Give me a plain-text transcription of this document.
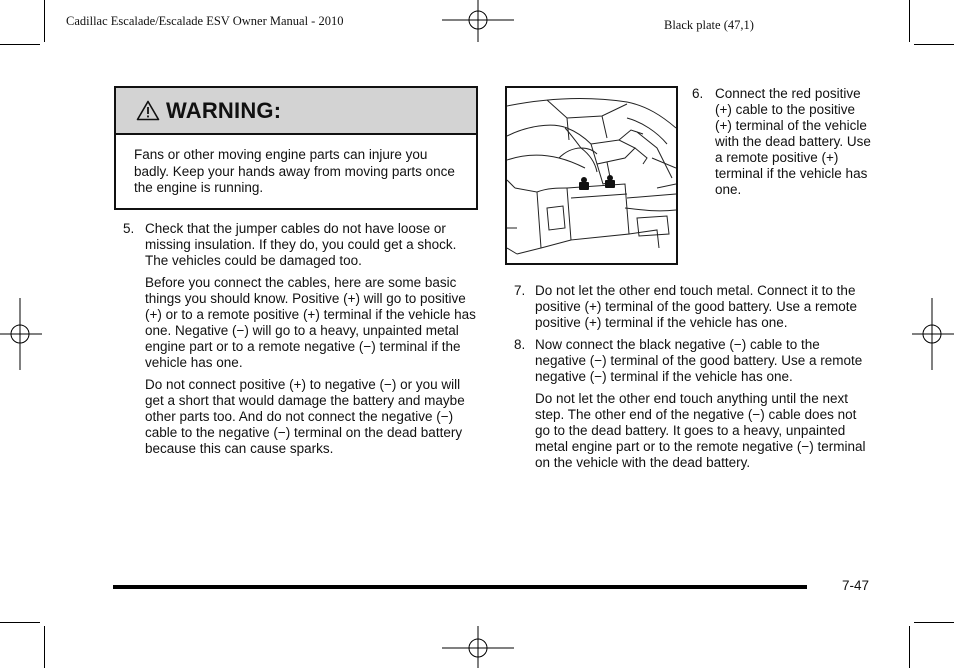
Cadillac Escalade/Escalade ESV Owner Manual - 2010	Black plate (47,1)
WARNING:
Fans or other moving engine parts can injure you badly. Keep your hands away from moving parts once the engine is running.
5. Check that the jumper cables do not have loose or missing insulation. If they do, you could get a shock. The vehicles could be damaged too.
Before you connect the cables, here are some basic things you should know. Positive (+) will go to positive (+) or to a remote positive (+) terminal if the vehicle has one. Negative (−) will go to a heavy, unpainted metal engine part or to a remote negative (−) terminal if the vehicle has one.
Do not connect positive (+) to negative (−) or you will get a short that would damage the battery and maybe other parts too. And do not connect the negative (−) cable to the negative (−) terminal on the dead battery because this can cause sparks.
6. Connect the red positive (+) cable to the positive (+) terminal of the vehicle with the dead battery. Use a remote positive (+) terminal if the vehicle has one.
7. Do not let the other end touch metal. Connect it to the positive (+) terminal of the good battery. Use a remote positive (+) terminal if the vehicle has one.
8. Now connect the black negative (−) cable to the negative (−) terminal of the good battery. Use a remote negative (−) terminal if the vehicle has one.
Do not let the other end touch anything until the next step. The other end of the negative (−) cable does not go to the dead battery. It goes to a heavy, unpainted metal engine part or to the remote negative (−) terminal on the vehicle with the dead battery.
7-47
